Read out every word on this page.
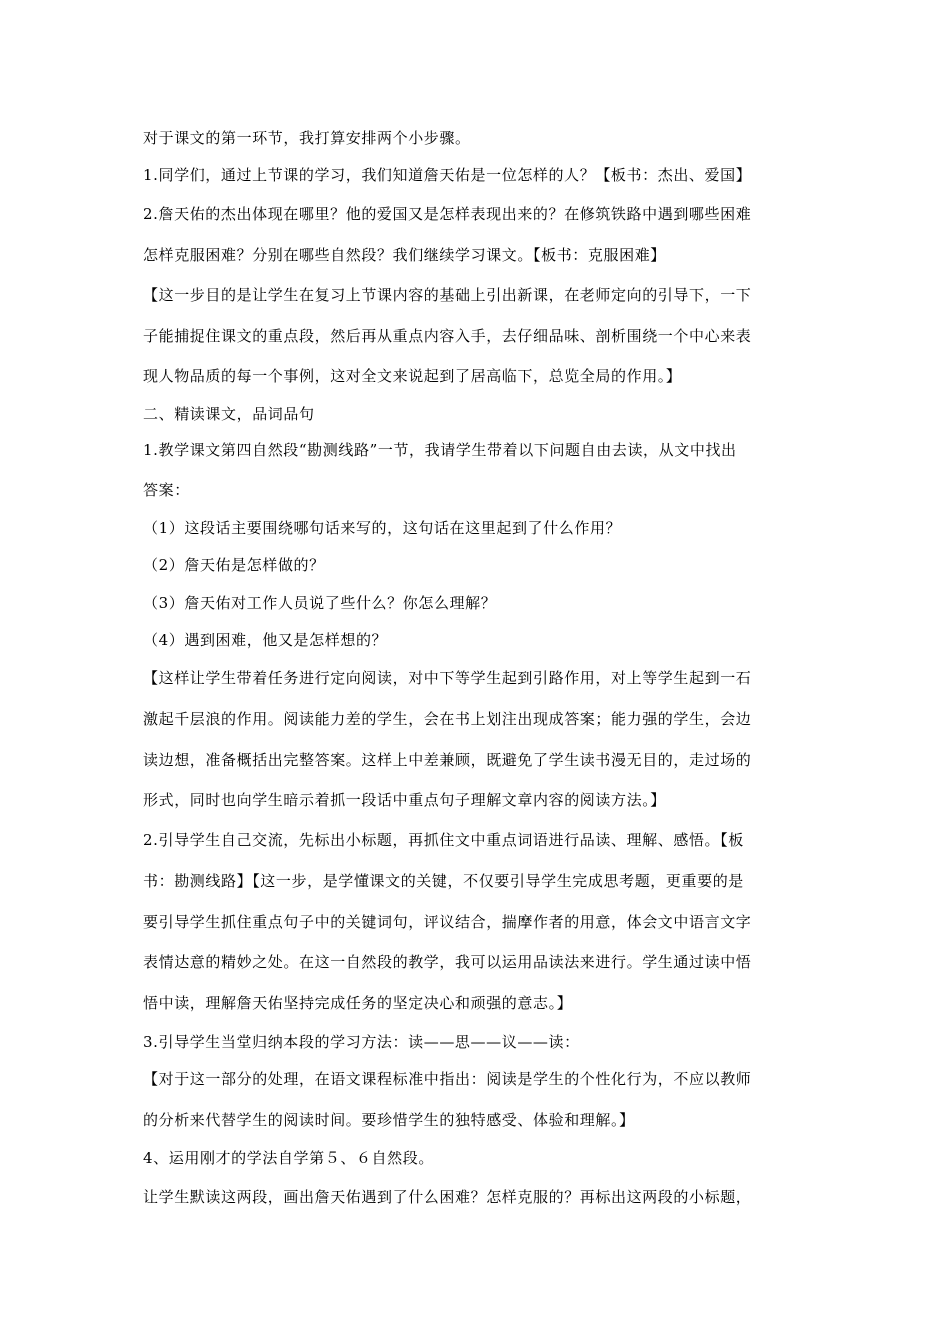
对于课文的第一环节，我打算安排两个小步骤。
1.同学们，通过上节课的学习，我们知道詹天佑是一位怎样的人？【板书：杰出、爱国】
2.詹天佑的杰出体现在哪里？他的爱国又是怎样表现出来的？在修筑铁路中遇到哪些困难
怎样克服困难？分别在哪些自然段？我们继续学习课文。【板书：克服困难】
【这一步目的是让学生在复习上节课内容的基础上引出新课，在老师定向的引导下，一下
子能捕捉住课文的重点段，然后再从重点内容入手，去仔细品味、剖析围绕一个中心来表
现人物品质的每一个事例，这对全文来说起到了居高临下，总览全局的作用。】
二、精读课文，品词品句
1.教学课文第四自然段“勘测线路”一节，我请学生带着以下问题自由去读，从文中找出
答案：
（1）这段话主要围绕哪句话来写的，这句话在这里起到了什么作用？
（2）詹天佑是怎样做的？
（3）詹天佑对工作人员说了些什么？你怎么理解？
（4）遇到困难，他又是怎样想的？
【这样让学生带着任务进行定向阅读，对中下等学生起到引路作用，对上等学生起到一石
激起千层浪的作用。阅读能力差的学生，会在书上划注出现成答案；能力强的学生，会边
读边想，准备概括出完整答案。这样上中差兼顾，既避免了学生读书漫无目的，走过场的
形式，同时也向学生暗示着抓一段话中重点句子理解文章内容的阅读方法。】
2.引导学生自己交流，先标出小标题，再抓住文中重点词语进行品读、理解、感悟。【板
书：勘测线路】【这一步，是学懂课文的关键，不仅要引导学生完成思考题，更重要的是
要引导学生抓住重点句子中的关键词句，评议结合，揣摩作者的用意，体会文中语言文字
表情达意的精妙之处。在这一自然段的教学，我可以运用品读法来进行。学生通过读中悟
悟中读，理解詹天佑坚持完成任务的坚定决心和顽强的意志。】
3.引导学生当堂归纳本段的学习方法：读——思——议——读：
【对于这一部分的处理，在语文课程标准中指出：阅读是学生的个性化行为，不应以教师
的分析来代替学生的阅读时间。要珍惜学生的独特感受、体验和理解。】
4、运用刚才的学法自学第５、６自然段。
让学生默读这两段，画出詹天佑遇到了什么困难？怎样克服的？再标出这两段的小标题，
